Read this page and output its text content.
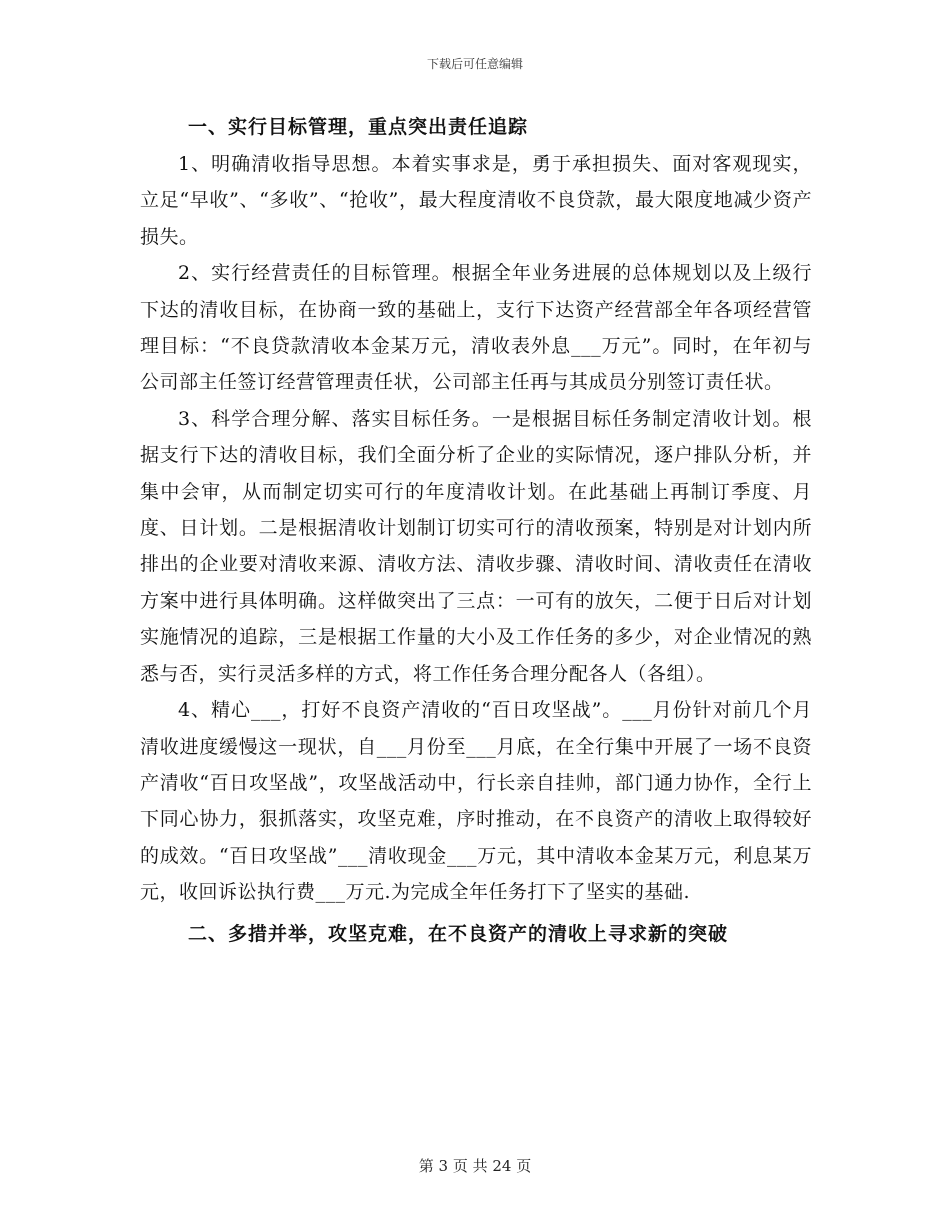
下载后可任意编辑

一、实行目标管理，重点突出责任追踪

1、明确清收指导思想。本着实事求是，勇于承担损失、面对客观现实，立足“早收”、“多收”、“抢收”，最大程度清收不良贷款，最大限度地减少资产损失。

2、实行经营责任的目标管理。根据全年业务进展的总体规划以及上级行下达的清收目标，在协商一致的基础上，支行下达资产经营部全年各项经营管理目标：“不良贷款清收本金某万元，清收表外息___万元”。同时，在年初与公司部主任签订经营管理责任状，公司部主任再与其成员分别签订责任状。

3、科学合理分解、落实目标任务。一是根据目标任务制定清收计划。根据支行下达的清收目标，我们全面分析了企业的实际情况，逐户排队分析，并集中会审，从而制定切实可行的年度清收计划。在此基础上再制订季度、月度、日计划。二是根据清收计划制订切实可行的清收预案，特别是对计划内所排出的企业要对清收来源、清收方法、清收步骤、清收时间、清收责任在清收方案中进行具体明确。这样做突出了三点：一可有的放矢，二便于日后对计划实施情况的追踪，三是根据工作量的大小及工作任务的多少，对企业情况的熟悉与否，实行灵活多样的方式，将工作任务合理分配各人（各组）。

4、精心___，打好不良资产清收的“百日攻坚战”。___月份针对前几个月清收进度缓慢这一现状，自___月份至___月底，在全行集中开展了一场不良资产清收“百日攻坚战”，攻坚战活动中，行长亲自挂帅，部门通力协作，全行上下同心协力，狠抓落实，攻坚克难，序时推动，在不良资产的清收上取得较好的成效。“百日攻坚战”___清收现金___万元，其中清收本金某万元，利息某万元，收回诉讼执行费___万元.为完成全年任务打下了坚实的基础.

二、多措并举，攻坚克难，在不良资产的清收上寻求新的突破

第 3 页 共 24 页
